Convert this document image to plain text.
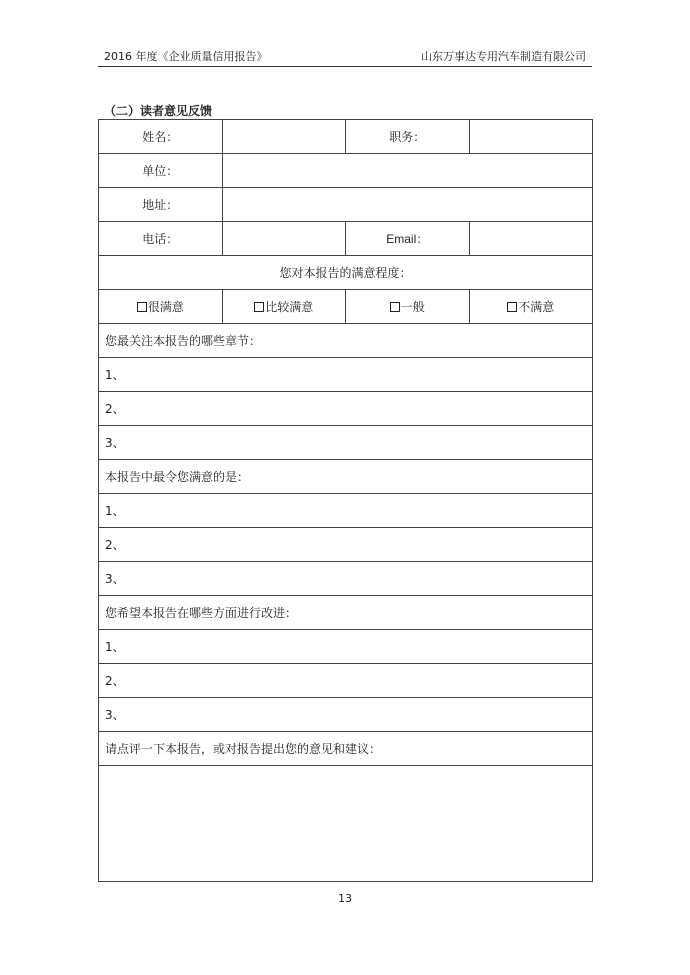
2016 年度《企业质量信用报告》	山东万事达专用汽车制造有限公司
（二）读者意见反馈
姓名：		职务：	
单位：			
地址：			
电话：		Email：	
您对本报告的满意程度：			
很满意	比较满意	一般	不满意
您最关注本报告的哪些章节：			
1、			
2、			
3、			
本报告中最令您满意的是：			
1、			
2、			
3、			
您希望本报告在哪些方面进行改进：			
1、			
2、			
3、			
请点评一下本报告，或对报告提出您的意见和建议：			

13
